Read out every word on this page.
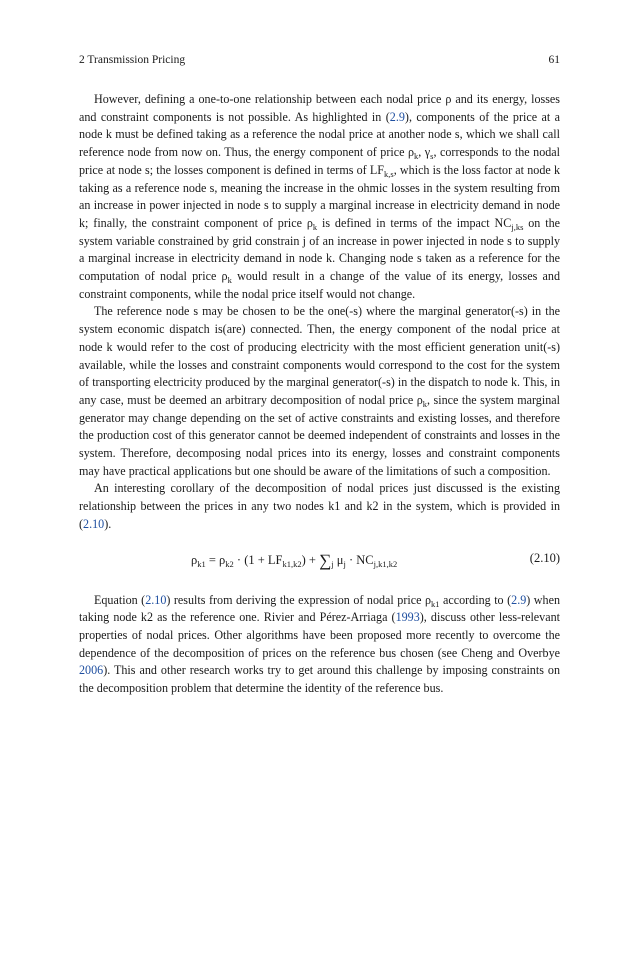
2 Transmission Pricing	61

However, defining a one-to-one relationship between each nodal price ρ and its energy, losses and constraint components is not possible. As highlighted in (2.9), components of the price at a node k must be defined taking as a reference the nodal price at another node s, which we shall call reference node from now on. Thus, the energy component of price $\rho_k$, $\gamma_s$, corresponds to the nodal price at node s; the losses component is defined in terms of $LF_{k,s}$, which is the loss factor at node k taking as a reference node s, meaning the increase in the ohmic losses in the system resulting from an increase in power injected in node s to supply a marginal increase in electricity demand in node k; finally, the constraint component of price $\rho_k$ is defined in terms of the impact $NC_{j,ks}$ on the system variable constrained by grid constrain j of an increase in power injected in node s to supply a marginal increase in electricity demand in node k. Changing node s taken as a reference for the computation of nodal price $\rho_k$ would result in a change of the value of its energy, losses and constraint components, while the nodal price itself would not change.

The reference node s may be chosen to be the one(-s) where the marginal generator(-s) in the system economic dispatch is(are) connected. Then, the energy component of the nodal price at node k would refer to the cost of producing electricity with the most efficient generation unit(-s) available, while the losses and constraint components would correspond to the cost for the system of transporting electricity produced by the marginal generator(-s) in the dispatch to node k. This, in any case, must be deemed an arbitrary decomposition of nodal price $\rho_k$, since the system marginal generator may change depending on the set of active constraints and existing losses, and therefore the production cost of this generator cannot be deemed independent of constraints and losses in the system. Therefore, decomposing nodal prices into its energy, losses and constraint components may have practical applications but one should be aware of the limitations of such a composition.

An interesting corollary of the decomposition of nodal prices just discussed is the existing relationship between the prices in any two nodes k1 and k2 in the system, which is provided in (2.10).

$\rho_{k1} = \rho_{k2} \cdot (1 + LF_{k1,k2}) + \sum_j$ $\mu_j \cdot NC_{j,k1,k2}$	(2.10)

Equation (2.10) results from deriving the expression of nodal price $\rho_{k1}$ according to (2.9) when taking node k2 as the reference one. Rivier and Pérez-Arriaga (1993), discuss other less-relevant properties of nodal prices. Other algorithms have been proposed more recently to overcome the dependence of the decomposition of prices on the reference bus chosen (see Cheng and Overbye 2006). This and other research works try to get around this challenge by imposing constraints on the decomposition problem that determine the identity of the reference bus.
